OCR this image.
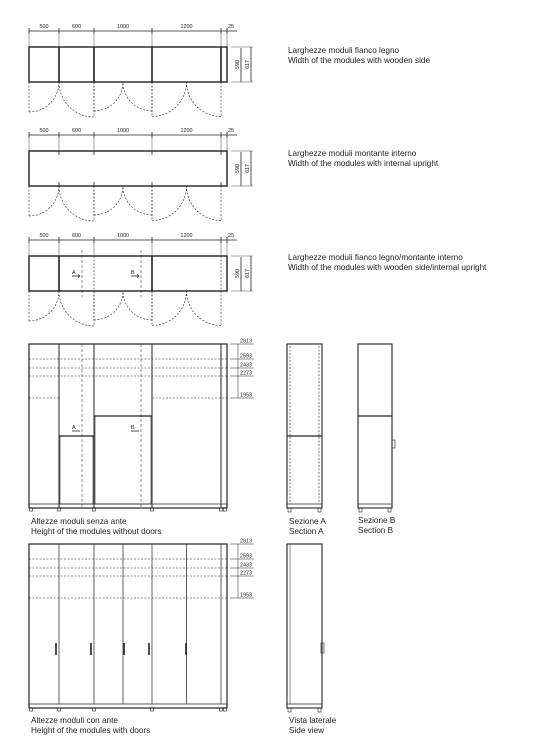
500	600	1000	1200	25
590 617
500	600	1000	1200	25
590 617
500	600	1000	1200	25
A	B	590 617
A	B
2913
2593
2433
2273
1953
2913
2593
2433
2273
1953
Larghezze moduli fianco legno
Width of the modules with wooden side
Larghezze moduli montante interno
Width of the modules with internal upright
Larghezze moduli fianco legno/montante interno
Width of the modules with wooden side/internal upright
Altezze moduli senza ante
Height of the modules without doors
Sezione A
Section A
Sezione B
Section B
Altezze moduli con ante
Height of the modules with doors
Vista laterale
Side view
